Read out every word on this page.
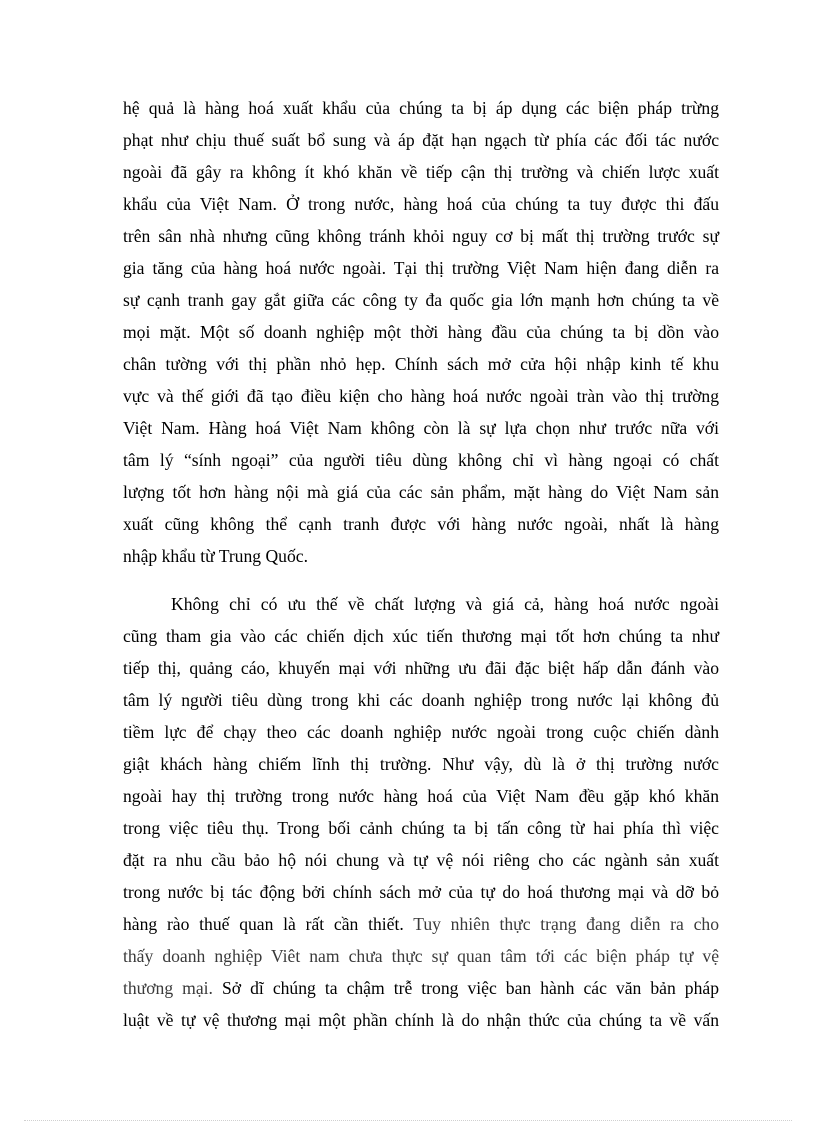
hệ quả là hàng hoá xuất khẩu của chúng ta bị áp dụng các biện pháp trừng
phạt như chịu thuế suất bổ sung và áp đặt hạn ngạch từ phía các đối tác nước
ngoài đã gây ra không ít khó khăn về tiếp cận thị trường và chiến lược xuất
khẩu của Việt Nam. Ở trong nước, hàng hoá của chúng ta tuy được thi đấu
trên sân nhà nhưng cũng không tránh khỏi nguy cơ bị mất thị trường trước sự
gia tăng của hàng hoá nước ngoài. Tại thị trường Việt Nam hiện đang diễn ra
sự cạnh tranh gay gắt giữa các công ty đa quốc gia lớn mạnh hơn chúng ta về
mọi mặt. Một số doanh nghiệp một thời hàng đầu của chúng ta bị dồn vào
chân tường với thị phần nhỏ hẹp. Chính sách mở cửa hội nhập kinh tế khu
vực và thế giới đã tạo điều kiện cho hàng hoá nước ngoài tràn vào thị trường
Việt Nam. Hàng hoá Việt Nam không còn là sự lựa chọn như trước nữa với
tâm lý “sính ngoại” của người tiêu dùng không chỉ vì hàng ngoại có chất
lượng tốt hơn hàng nội mà giá của các sản phẩm, mặt hàng do Việt Nam sản
xuất cũng không thể cạnh tranh được với hàng nước ngoài, nhất là hàng
nhập khẩu từ Trung Quốc.
Không chỉ có ưu thế về chất lượng và giá cả, hàng hoá nước ngoài
cũng tham gia vào các chiến dịch xúc tiến thương mại tốt hơn chúng ta như
tiếp thị, quảng cáo, khuyến mại với những ưu đãi đặc biệt hấp dẫn đánh vào
tâm lý người tiêu dùng trong khi các doanh nghiệp trong nước lại không đủ
tiềm lực để chạy theo các doanh nghiệp nước ngoài trong cuộc chiến dành
giật khách hàng chiếm lĩnh thị trường. Như vậy, dù là ở thị trường nước
ngoài hay thị trường trong nước hàng hoá của Việt Nam đều gặp khó khăn
trong việc tiêu thụ. Trong bối cảnh chúng ta bị tấn công từ hai phía thì việc
đặt ra nhu cầu bảo hộ nói chung và tự vệ nói riêng cho các ngành sản xuất
trong nước bị tác động bởi chính sách mở của tự do hoá thương mại và dỡ bỏ
hàng rào thuế quan là rất cần thiết. Tuy nhiên thực trạng đang diễn ra cho
thấy doanh nghiệp Viêt nam chưa thực sự quan tâm tới các biện pháp tự vệ
thương mại. Sở dĩ chúng ta chậm trễ trong việc ban hành các văn bản pháp
luật về tự vệ thương mại một phần chính là do nhận thức của chúng ta về vấn
